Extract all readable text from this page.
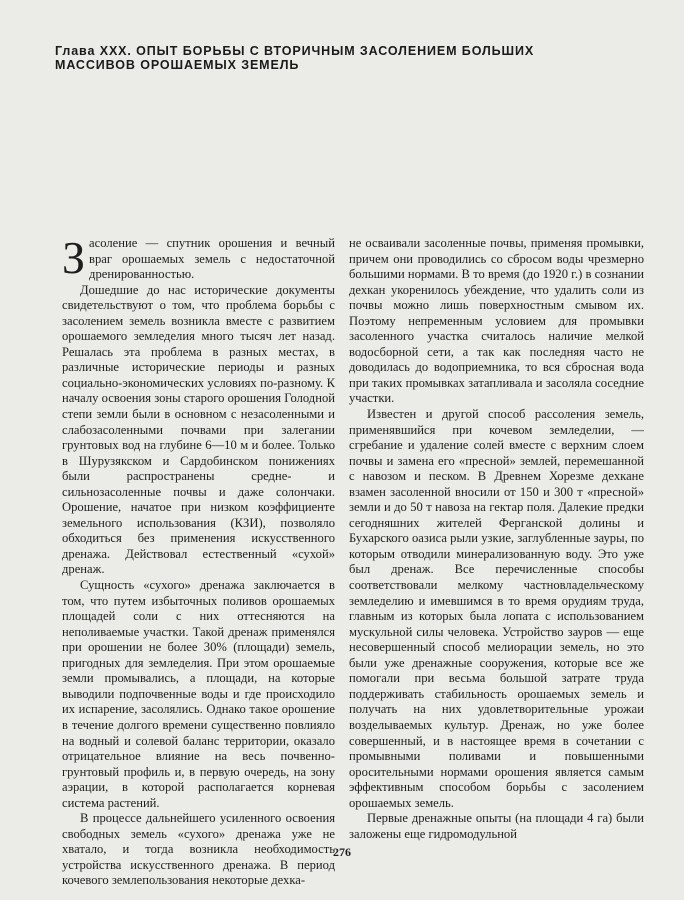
Глава XXX. ОПЫТ БОРЬБЫ С ВТОРИЧНЫМ ЗАСОЛЕНИЕМ БОЛЬШИХ
МАССИВОВ ОРОШАЕМЫХ ЗЕМЕЛЬ

Засоление — спутник орошения и вечный враг орошаемых земель с недостаточной дренированностью.

Дошедшие до нас исторические документы свидетельствуют о том, что проблема борьбы с засолением земель возникла вместе с развитием орошаемого земледелия много тысяч лет назад. Решалась эта проблема в разных местах, в различные исторические периоды и разных социально-экономических условиях по-разному. К началу освоения зоны старого орошения Голодной степи земли были в основном с незасоленными и слабозасоленными почвами при залегании грунтовых вод на глубине 6—10 м и более. Только в Шурузякском и Сардобинском понижениях были распространены средне- и сильнозасоленные почвы и даже солончаки. Орошение, начатое при низком коэффициенте земельного использования (КЗИ), позволяло обходиться без применения искусственного дренажа. Действовал естественный «сухой» дренаж.

Сущность «сухого» дренажа заключается в том, что путем избыточных поливов орошаемых площадей соли с них оттесняются на неполиваемые участки. Такой дренаж применялся при орошении не более 30% (площади) земель, пригодных для земледелия. При этом орошаемые земли промывались, а площади, на которые выводили подпочвенные воды и где происходило их испарение, засолялись. Однако такое орошение в течение долгого времени существенно повлияло на водный и солевой баланс территории, оказало отрицательное влияние на весь почвенно-грунтовый профиль и, в первую очередь, на зону аэрации, в которой располагается корневая система растений.

В процессе дальнейшего усиленного освоения свободных земель «сухого» дренажа уже не хватало, и тогда возникла необходимость устройства искусственного дренажа. В период кочевого землепользования некоторые дехка-

не осваивали засоленные почвы, применяя промывки, причем они проводились со сбросом воды чрезмерно большими нормами. В то время (до 1920 г.) в сознании дехкан укоренилось убеждение, что удалить соли из почвы можно лишь поверхностным смывом их. Поэтому непременным условием для промывки засоленного участка считалось наличие мелкой водосборной сети, а так как последняя часто не доводилась до водоприемника, то вся сбросная вода при таких промывках затапливала и засоляла соседние участки.

Известен и другой способ рассоления земель, применявшийся при кочевом земледелии, — сгребание и удаление солей вместе с верхним слоем почвы и замена его «пресной» землей, перемешанной с навозом и песком. В Древнем Хорезме дехкане взамен засоленной вносили от 150 и 300 т «пресной» земли и до 50 т навоза на гектар поля. Далекие предки сегодняшних жителей Ферганской долины и Бухарского оазиса рыли узкие, заглубленные зауры, по которым отводили минерализованную воду. Это уже был дренаж. Все перечисленные способы соответствовали мелкому частновладельческому земледелию и имевшимся в то время орудиям труда, главным из которых была лопата с использованием мускульной силы человека. Устройство зауров — еще несовершенный способ мелиорации земель, но это были уже дренажные сооружения, которые все же помогали при весьма большой затрате труда поддерживать стабильность орошаемых земель и получать на них удовлетворительные урожаи возделываемых культур. Дренаж, но уже более совершенный, и в настоящее время в сочетании с промывными поливами и повышенными оросительными нормами орошения является самым эффективным способом борьбы с засолением орошаемых земель.

Первые дренажные опыты (на площади 4 га) были заложены еще гидромодульной

276
